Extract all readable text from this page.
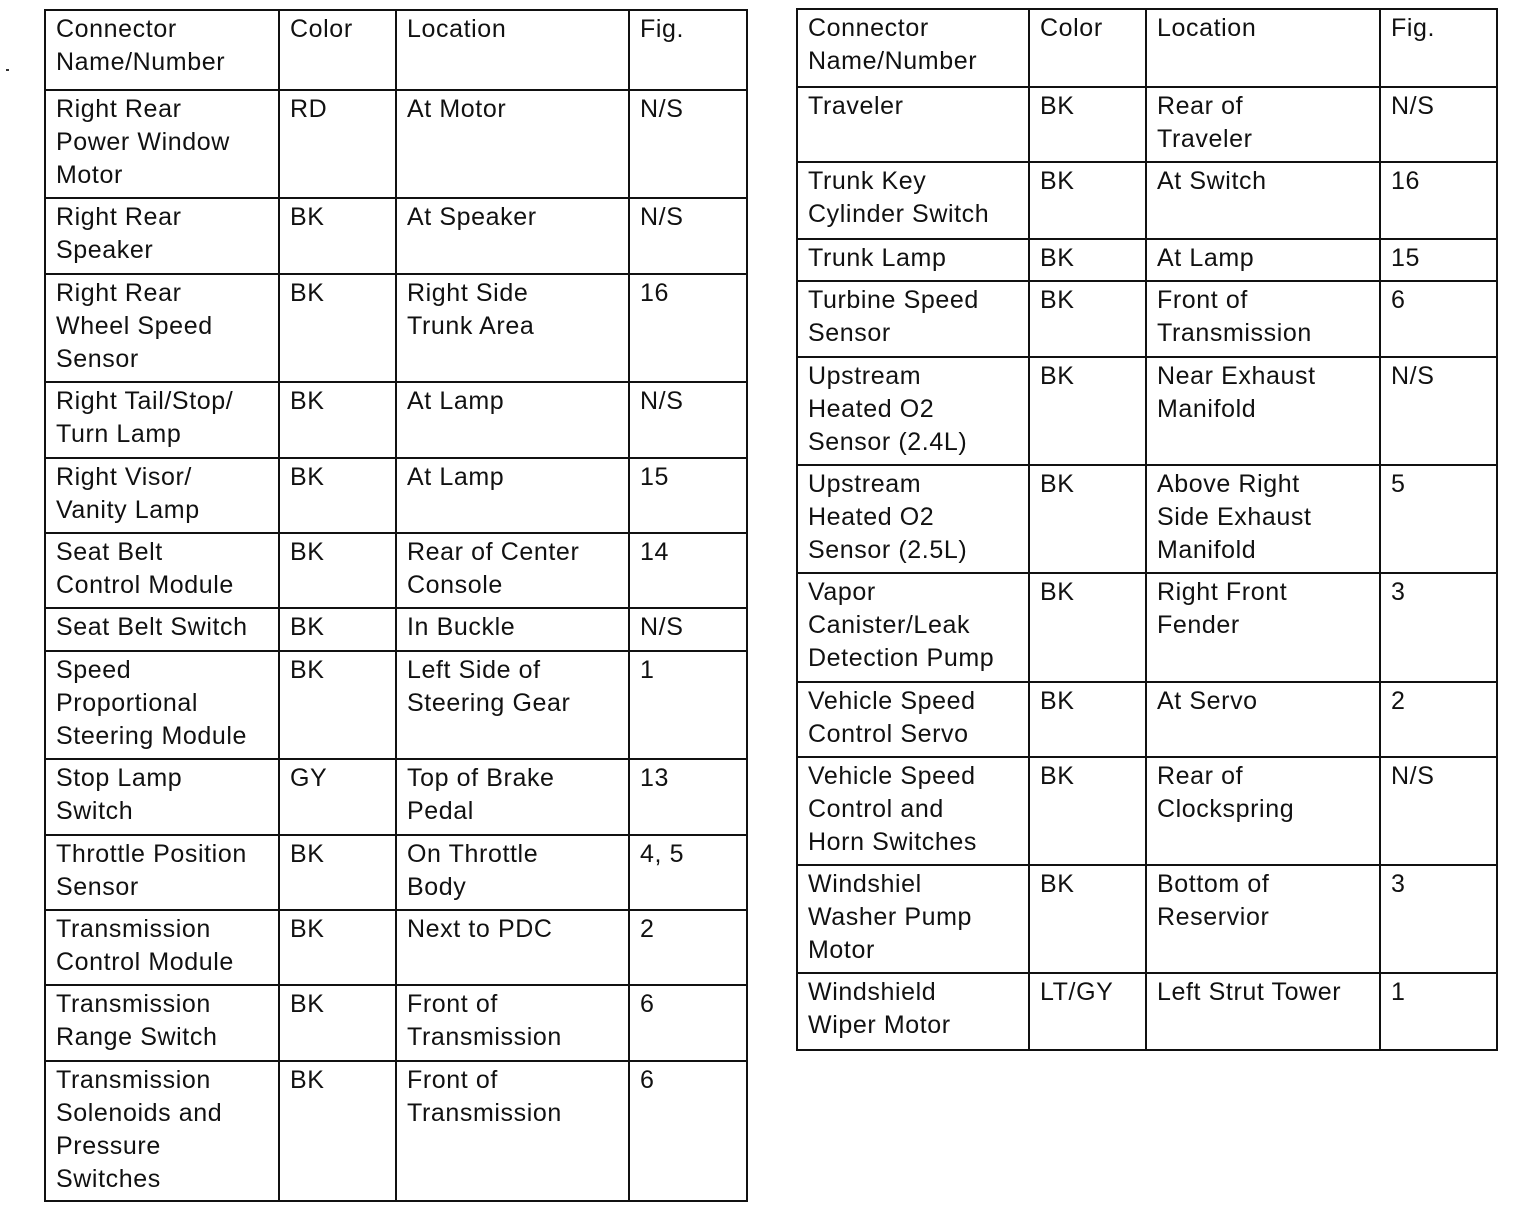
Connector
Name/Number	Color	Location	Fig.
Right Rear
Power Window
Motor	RD	At Motor	N/S
Right Rear
Speaker	BK	At Speaker	N/S
Right Rear
Wheel Speed
Sensor	BK	Right Side
Trunk Area	16
Right Tail/Stop/
Turn Lamp	BK	At Lamp	N/S
Right Visor/
Vanity Lamp	BK	At Lamp	15
Seat Belt
Control Module	BK	Rear of Center
Console	14
Seat Belt Switch	BK	In Buckle	N/S
Speed
Proportional
Steering Module	BK	Left Side of
Steering Gear	1
Stop Lamp
Switch	GY	Top of Brake
Pedal	13
Throttle Position
Sensor	BK	On Throttle
Body	4, 5
Transmission
Control Module	BK	Next to PDC	2
Transmission
Range Switch	BK	Front of
Transmission	6
Transmission
Solenoids and
Pressure
Switches	BK	Front of
Transmission	6
Connector
Name/Number	Color	Location	Fig.
Traveler	BK	Rear of
Traveler	N/S
Trunk Key
Cylinder Switch	BK	At Switch	16
Trunk Lamp	BK	At Lamp	15
Turbine Speed
Sensor	BK	Front of
Transmission	6
Upstream
Heated O2
Sensor (2.4L)	BK	Near Exhaust
Manifold	N/S
Upstream
Heated O2
Sensor (2.5L)	BK	Above Right
Side Exhaust
Manifold	5
Vapor
Canister/Leak
Detection Pump	BK	Right Front
Fender	3
Vehicle Speed
Control Servo	BK	At Servo	2
Vehicle Speed
Control and
Horn Switches	BK	Rear of
Clockspring	N/S
Windshiel
Washer Pump
Motor	BK	Bottom of
Reservior	3
Windshield
Wiper Motor	LT/GY	Left Strut Tower	1
